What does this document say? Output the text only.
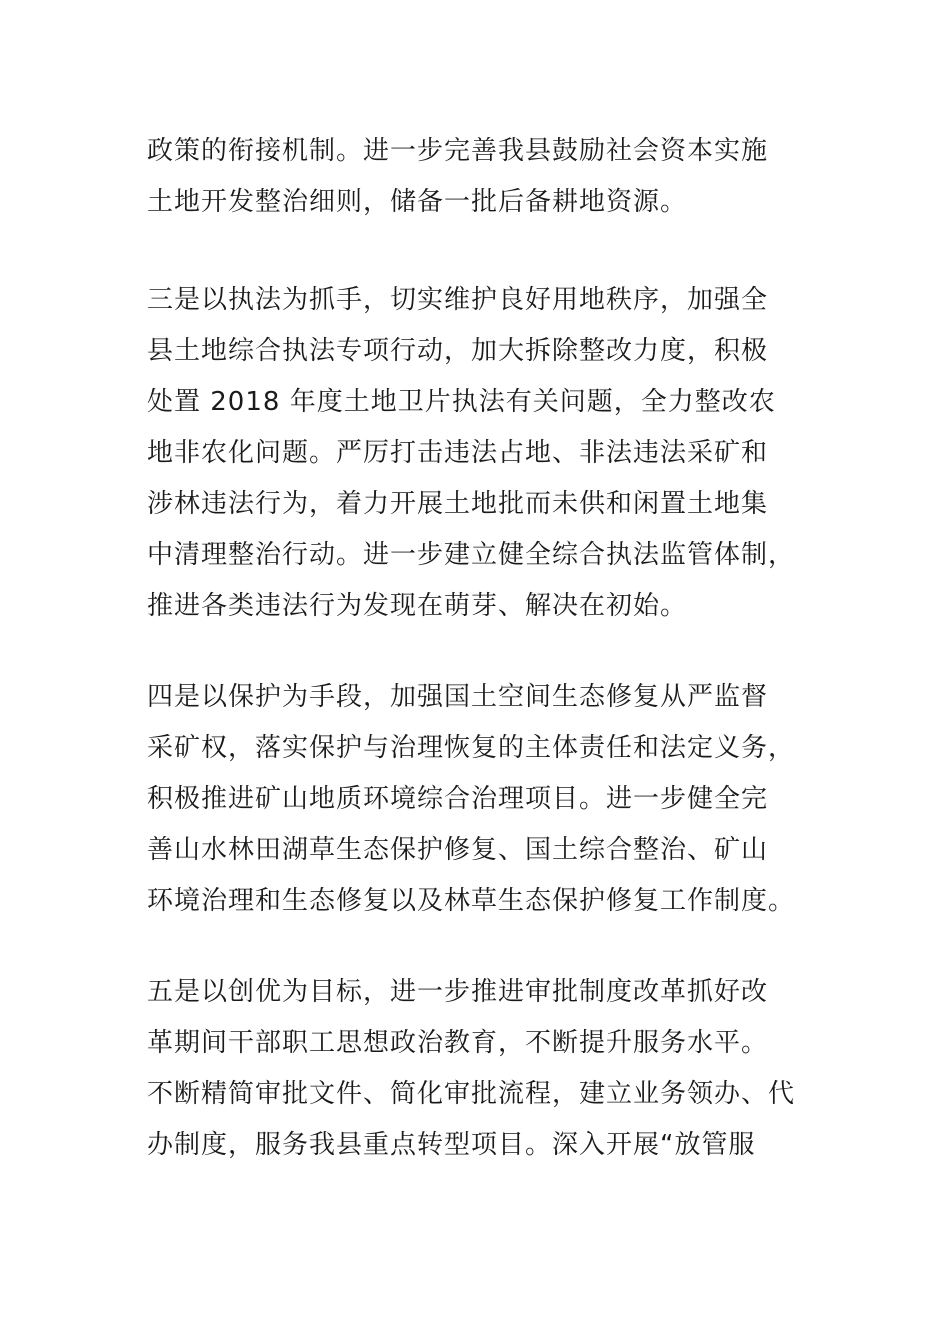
政策的衔接机制。进一步完善我县鼓励社会资本实施
土地开发整治细则，储备一批后备耕地资源。

三是以执法为抓手，切实维护良好用地秩序，加强全
县土地综合执法专项行动，加大拆除整改力度，积极
处置 2018 年度土地卫片执法有关问题，全力整改农
地非农化问题。严厉打击违法占地、非法违法采矿和
涉林违法行为，着力开展土地批而未供和闲置土地集
中清理整治行动。进一步建立健全综合执法监管体制，
推进各类违法行为发现在萌芽、解决在初始。

四是以保护为手段，加强国土空间生态修复从严监督
采矿权，落实保护与治理恢复的主体责任和法定义务，
积极推进矿山地质环境综合治理项目。进一步健全完
善山水林田湖草生态保护修复、国土综合整治、矿山
环境治理和生态修复以及林草生态保护修复工作制度。

五是以创优为目标，进一步推进审批制度改革抓好改
革期间干部职工思想政治教育，不断提升服务水平。
不断精简审批文件、简化审批流程，建立业务领办、代
办制度，服务我县重点转型项目。深入开展“放管服
